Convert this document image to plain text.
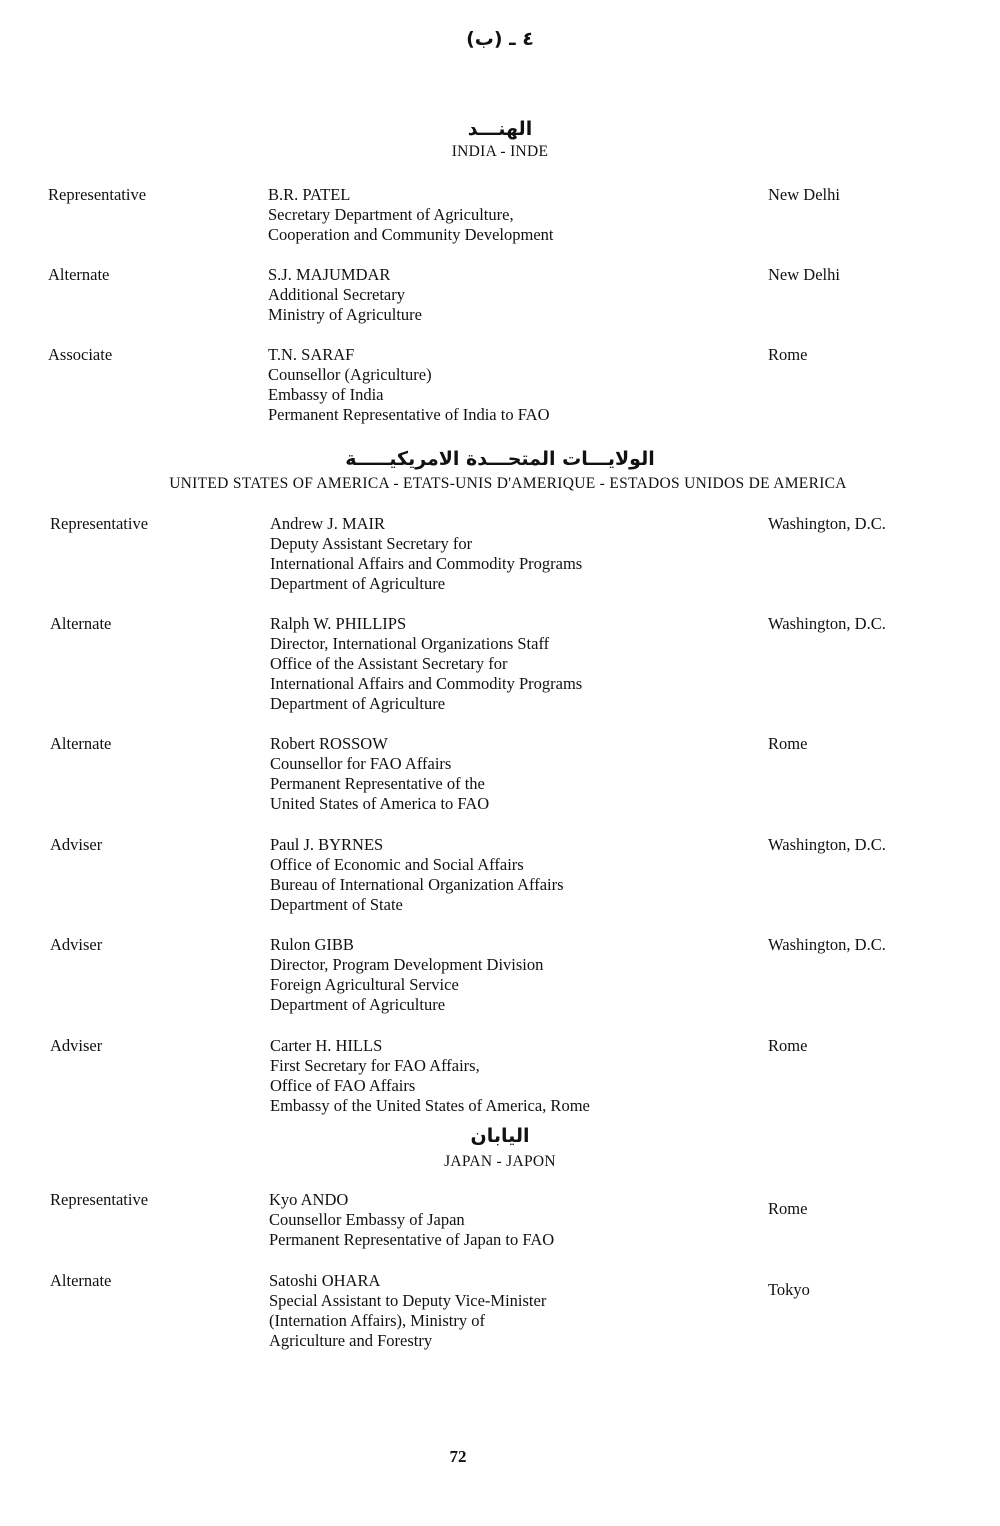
٤ ـ (ب)
الهنـــد
INDIA - INDE
Representative	B.R. PATEL
Secretary Department of Agriculture,
Cooperation and Community Development
New Delhi
Alternate	S.J. MAJUMDAR
Additional Secretary
Ministry of Agriculture
New Delhi
Associate	T.N. SARAF
Counsellor (Agriculture)
Embassy of India
Permanent Representative of India to FAO
Rome
الولايـــات المتحـــدة الامريكيـــــة
UNITED STATES OF AMERICA - ETATS-UNIS D'AMERIQUE - ESTADOS UNIDOS DE AMERICA
Representative	Andrew J. MAIR
Deputy Assistant Secretary for
International Affairs and Commodity Programs
Department of Agriculture
Washington, D.C.
Alternate	Ralph W. PHILLIPS
Director, International Organizations Staff
Office of the Assistant Secretary for
International Affairs and Commodity Programs
Department of Agriculture
Washington, D.C.
Alternate	Robert ROSSOW
Counsellor for FAO Affairs
Permanent Representative of the
United States of America to FAO
Rome
Adviser	Paul J. BYRNES
Office of Economic and Social Affairs
Bureau of International Organization Affairs
Department of State
Washington, D.C.
Adviser	Rulon GIBB
Director, Program Development Division
Foreign Agricultural Service
Department of Agriculture
Washington, D.C.
Adviser	Carter H. HILLS
First Secretary for FAO Affairs,
Office of FAO Affairs
Embassy of the United States of America, Rome
Rome
اليابان
JAPAN - JAPON
Representative	Kyo ANDO
Counsellor Embassy of Japan
Permanent Representative of Japan to FAO
Rome
Alternate	Satoshi OHARA
Special Assistant to Deputy Vice-Minister
(Internation Affairs), Ministry of
Agriculture and Forestry
Tokyo
72
